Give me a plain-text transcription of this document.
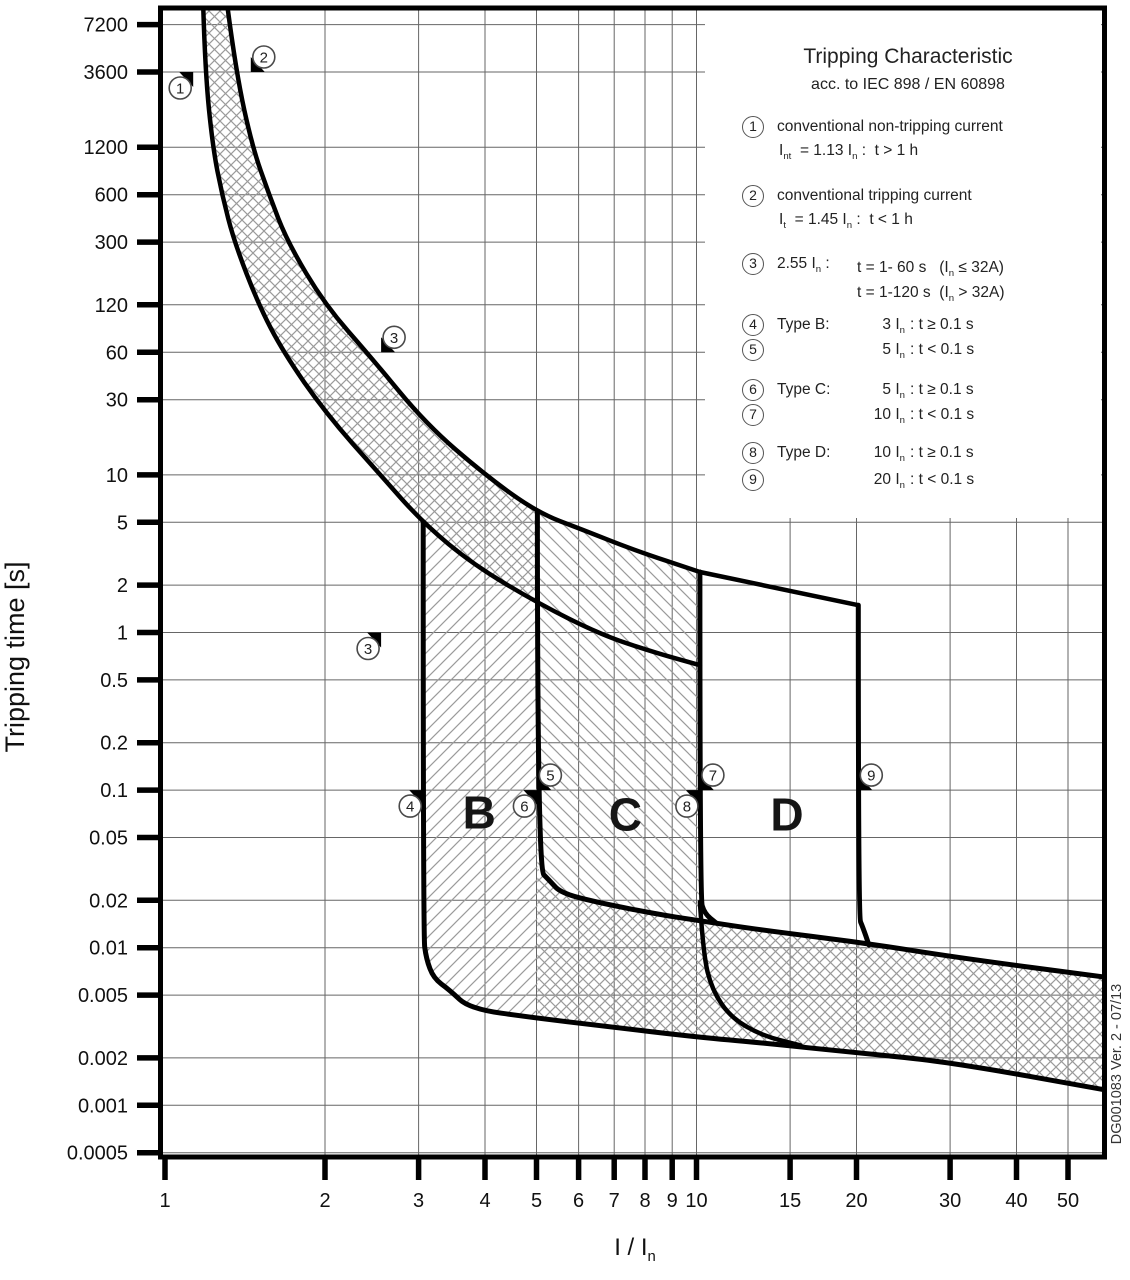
7200
3600
1200
600
300
120
60
30
10
5
2
1
0.5
0.2
0.1
0.05
0.02
0.01
0.005
0.002
0.001
0.0005
1	2	3	4 5 6 7 8 9 10	15 20	30 40 50
B C	D
1
2
3
3
4
5
6
7
8
9
Tripping time [s]
I / $I_n$
DG001083 Ver. 2 - 07/13
Tripping Characteristic
acc. to IEC 898 / EN 60898
1	conventional non-tripping current
$I_{nt} = 1.13$ $I_n$ :  t > 1 h
2	conventional tripping current
$I_t = 1.45$ $I_n$ :  t < 1 h
3	2.55 $I_n$ :	t = 1- 60 s   $(I_n \le 32A)$
t = 1-120 s  $(I_n > 32A)$
4	Type B:	3 $I_n$ : t ≥ 0.1 s
5	5 $I_n$ : t < 0.1 s
6	Type C:	5 $I_n$ : t ≥ 0.1 s
7	10 $I_n$ : t < 0.1 s
8	Type D:	10 $I_n$ : t ≥ 0.1 s
9	20 $I_n$ : t < 0.1 s
